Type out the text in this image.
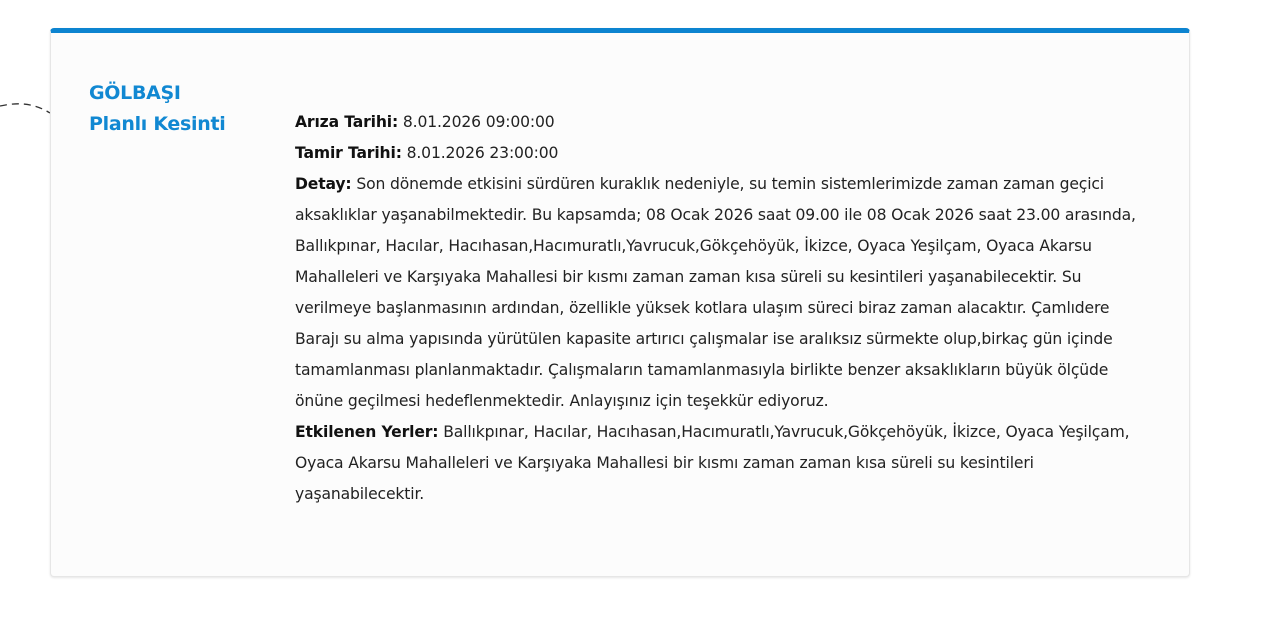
GÖLBAŞI
Planlı Kesinti	Arıza Tarihi: 8.01.2026 09:00:00

Tamir Tarihi: 8.01.2026 23:00:00

Detay: Son dönemde etkisini sürdüren kuraklık nedeniyle, su temin sistemlerimizde zaman zaman geçici aksaklıklar yaşanabilmektedir. Bu kapsamda; 08 Ocak 2026 saat 09.00 ile 08 Ocak 2026 saat 23.00 arasında, Ballıkpınar, Hacılar, Hacıhasan,Hacımuratlı,Yavrucuk,Gökçehöyük, İkizce, Oyaca Yeşilçam, Oyaca Akarsu Mahalleleri ve Karşıyaka Mahallesi bir kısmı zaman zaman kısa süreli su kesintileri yaşanabilecektir. Su verilmeye başlanmasının ardından, özellikle yüksek kotlara ulaşım süreci biraz zaman alacaktır. Çamlıdere Barajı su alma yapısında yürütülen kapasite artırıcı çalışmalar ise aralıksız sürmekte olup,birkaç gün içinde tamamlanması planlanmaktadır. Çalışmaların tamamlanmasıyla birlikte benzer aksaklıkların büyük ölçüde önüne geçilmesi hedeflenmektedir. Anlayışınız için teşekkür ediyoruz.

Etkilenen Yerler: Ballıkpınar, Hacılar, Hacıhasan,Hacımuratlı,Yavrucuk,Gökçehöyük, İkizce, Oyaca Yeşilçam, Oyaca Akarsu Mahalleleri ve Karşıyaka Mahallesi bir kısmı zaman zaman kısa süreli su kesintileri yaşanabilecektir.
